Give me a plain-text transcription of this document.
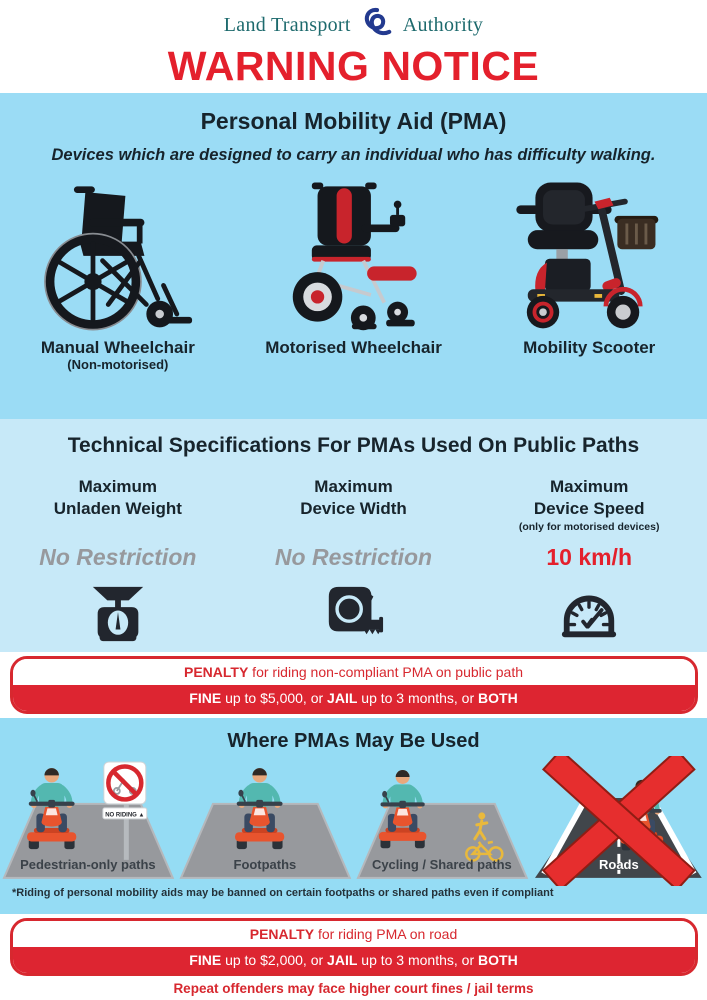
Land Transport	Authority
WARNING NOTICE
Personal Mobility Aid (PMA)
Devices which are designed to carry an individual who has difficulty walking.
Manual Wheelchair
(Non-motorised)
Motorised Wheelchair	Mobility Scooter
Technical Specifications For PMAs Used On Public Paths
Maximum
Unladen Weight
No Restriction
Maximum
Device Width
No Restriction
Maximum
Device Speed
(only for motorised devices)
10 km/h
PENALTY for riding non-compliant PMA on public path
FINE up to $5,000, or JAIL up to 3 months, or BOTH
Where PMAs May Be Used
NO RIDING ▲
Pedestrian-only paths	Footpaths	Cycling / Shared paths	Roads
*Riding of personal mobility aids may be banned on certain footpaths or shared paths even if compliant
PENALTY for riding PMA on road
FINE up to $2,000, or JAIL up to 3 months, or BOTH
Repeat offenders may face higher court fines / jail terms
